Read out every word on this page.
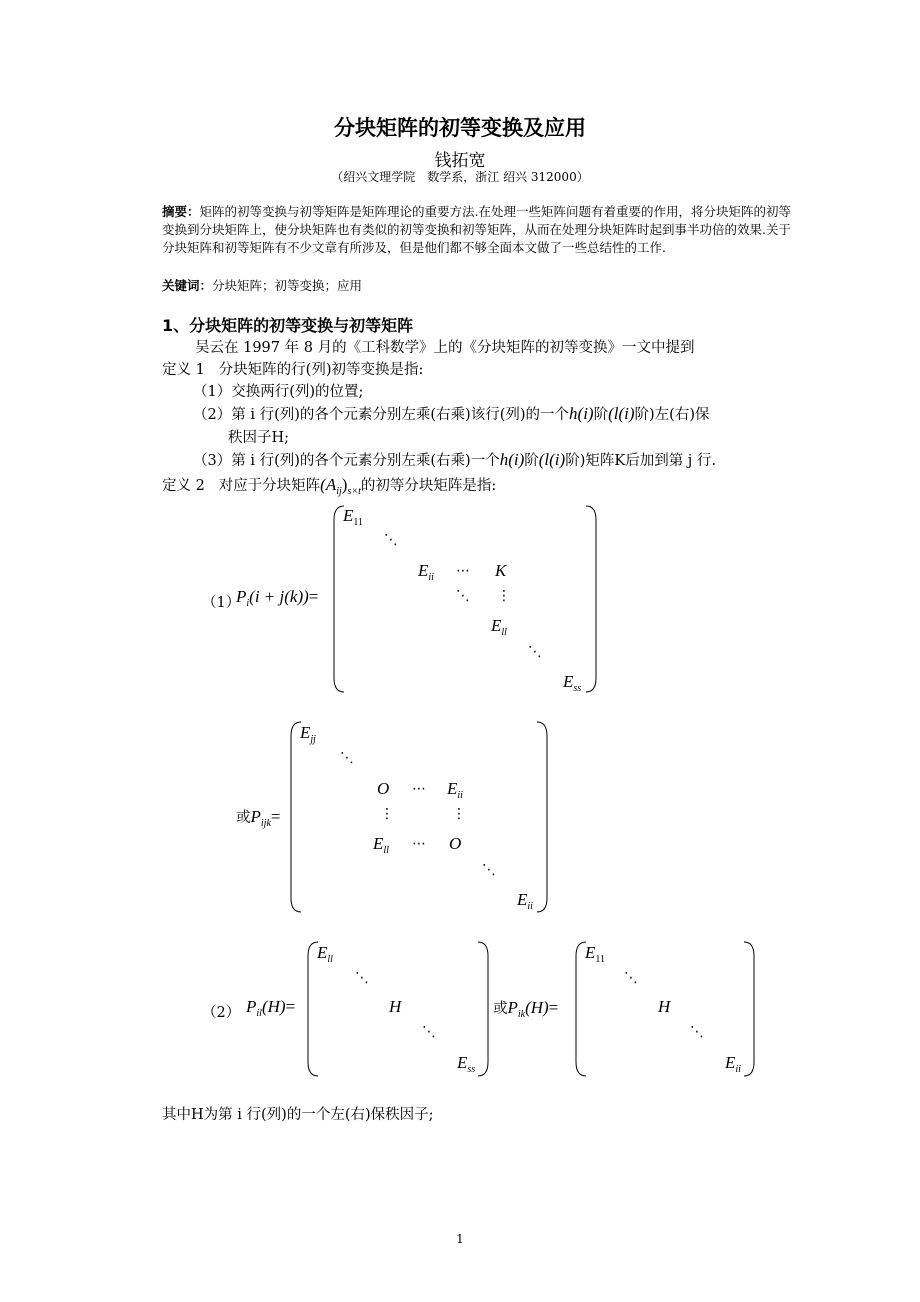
分块矩阵的初等变换及应用
钱拓宽
（绍兴文理学院　数学系，浙江 绍兴 312000）
摘要：矩阵的初等变换与初等矩阵是矩阵理论的重要方法.在处理一些矩阵问题有着重要的作用，将分块矩阵的初等变换到分块矩阵上，使分块矩阵也有类似的初等变换和初等矩阵，从而在处理分块矩阵时起到事半功倍的效果.关于分块矩阵和初等矩阵有不少文章有所涉及，但是他们都不够全面本文做了一些总结性的工作.
关键词：分块矩阵；初等变换；应用
1、分块矩阵的初等变换与初等矩阵
吴云在 1997 年 8 月的《工科数学》上的《分块矩阵的初等变换》一文中提到
定义 1 分块矩阵的行(列)初等变换是指:
（1）交换两行(列)的位置;
（2）第 i 行(列)的各个元素分别左乘(右乘)该行(列)的一个h(i)阶(l(i)阶)左(右)保
秩因子H;
（3）第 i 行(列)的各个元素分别左乘(右乘)一个h(i)阶(l(i)阶)矩阵K后加到第 j 行.
定义 2 对应于分块矩阵$(A_{ij})_{s\times t}$的初等分块矩阵是指:
（1）
$P_i(i + j(k))=$
$E_{11}$
⋱
$E_{ii}$ ⋯ K
⋱ ⋮
$E_{ll}$
⋱
$E_{ss}$
或$P_{ijk}=$
$E_{jj}$
⋱
O ⋯ $E_{ii}$
⋮	⋮
$E_{ll}$ ⋯ O
⋱
$E_{ii}$
（2） $P_{il}(H)=$
$E_{ll}$
⋱
H
⋱
$E_{ss}$
或$P_{ik}(H)=$
$E_{11}$
⋱
H
⋱
$E_{ii}$
其中H为第 i 行(列)的一个左(右)保秩因子;
1
